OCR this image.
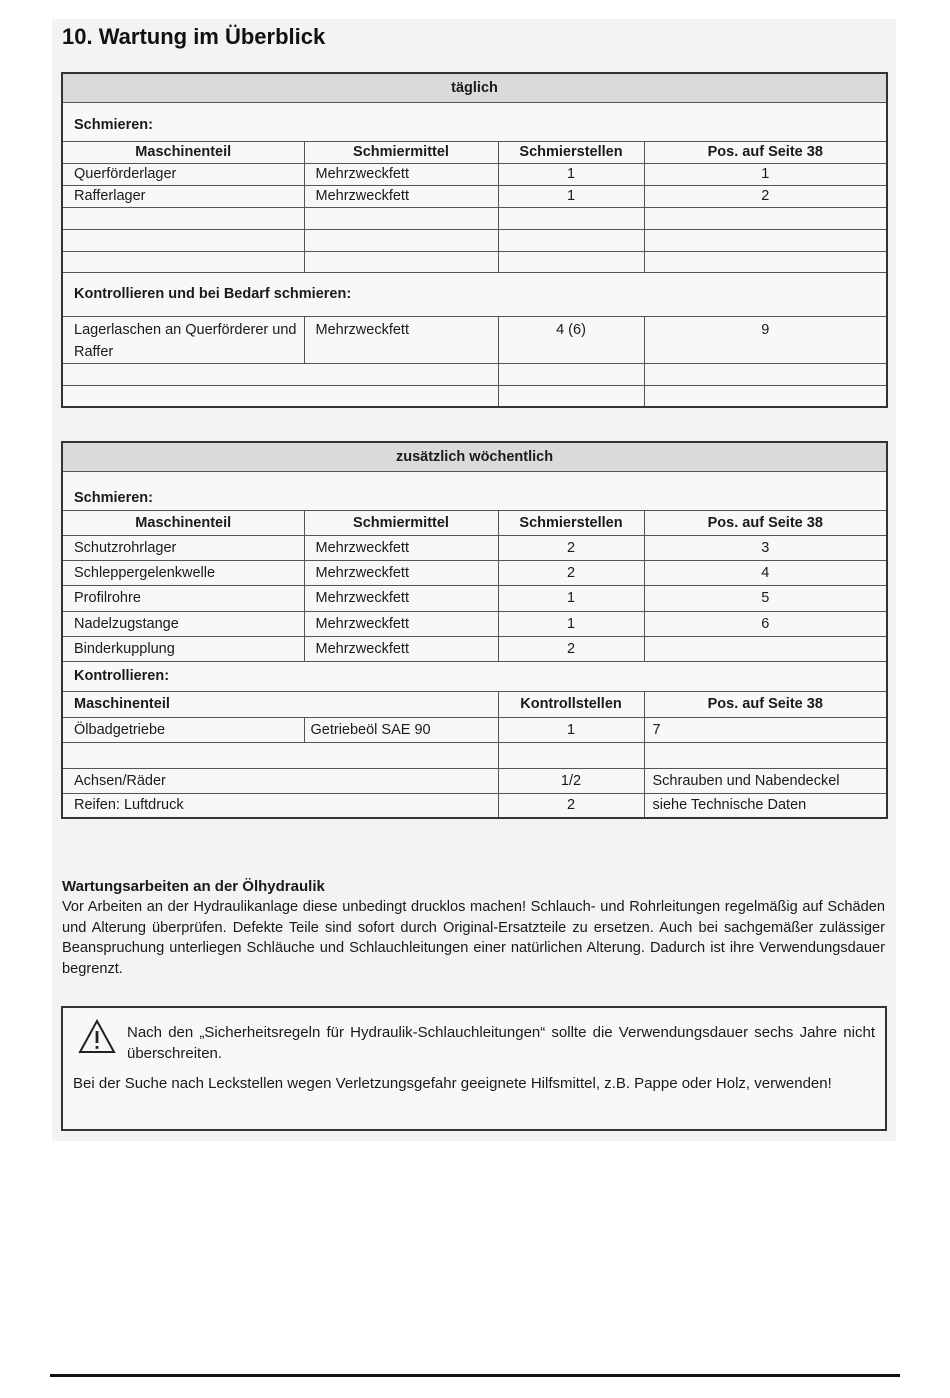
10. Wartung im Überblick
täglich			
Schmieren:			
Maschinenteil	Schmiermittel	Schmierstellen	Pos. auf Seite 38
Querförderlager	Mehrzweckfett	1	1
Rafferlager	Mehrzweckfett	1	2

Kontrollieren und bei Bedarf schmieren:			
Lagerlaschen an Querförderer und Raffer	Mehrzweckfett	4 (6)	9

zusätzlich wöchentlich			
Schmieren:			
Maschinenteil	Schmiermittel	Schmierstellen	Pos. auf Seite 38
Schutzrohrlager	Mehrzweckfett	2	3
Schleppergelenkwelle	Mehrzweckfett	2	4
Profilrohre	Mehrzweckfett	1	5
Nadelzugstange	Mehrzweckfett	1	6
Binderkupplung	Mehrzweckfett	2	
Kontrollieren:			
Maschinenteil		Kontrollstellen	Pos. auf Seite 38
Ölbadgetriebe	Getriebeöl SAE 90	1	7

Achsen/Räder		1/2	Schrauben und Nabendeckel
Reifen: Luftdruck		2	siehe Technische Daten
Wartungsarbeiten an der Ölhydraulik

Vor Arbeiten an der Hydraulikanlage diese unbedingt drucklos machen! Schlauch- und Rohrleitungen regelmäßig auf Schäden und Alterung überprüfen. Defekte Teile sind sofort durch Original-Ersatzteile zu ersetzen. Auch bei sachgemäßer zulässiger Beanspruchung unterliegen Schläuche und Schlauchleitungen einer natürlichen Alterung. Dadurch ist ihre Verwendungsdauer begrenzt.

Nach den „Sicherheitsregeln für Hydraulik-Schlauchleitungen“ sollte die Verwendungsdauer sechs Jahre nicht überschreiten.
Bei der Suche nach Leckstellen wegen Verletzungsgefahr geeignete Hilfsmittel, z.B. Pappe oder Holz, verwenden!
